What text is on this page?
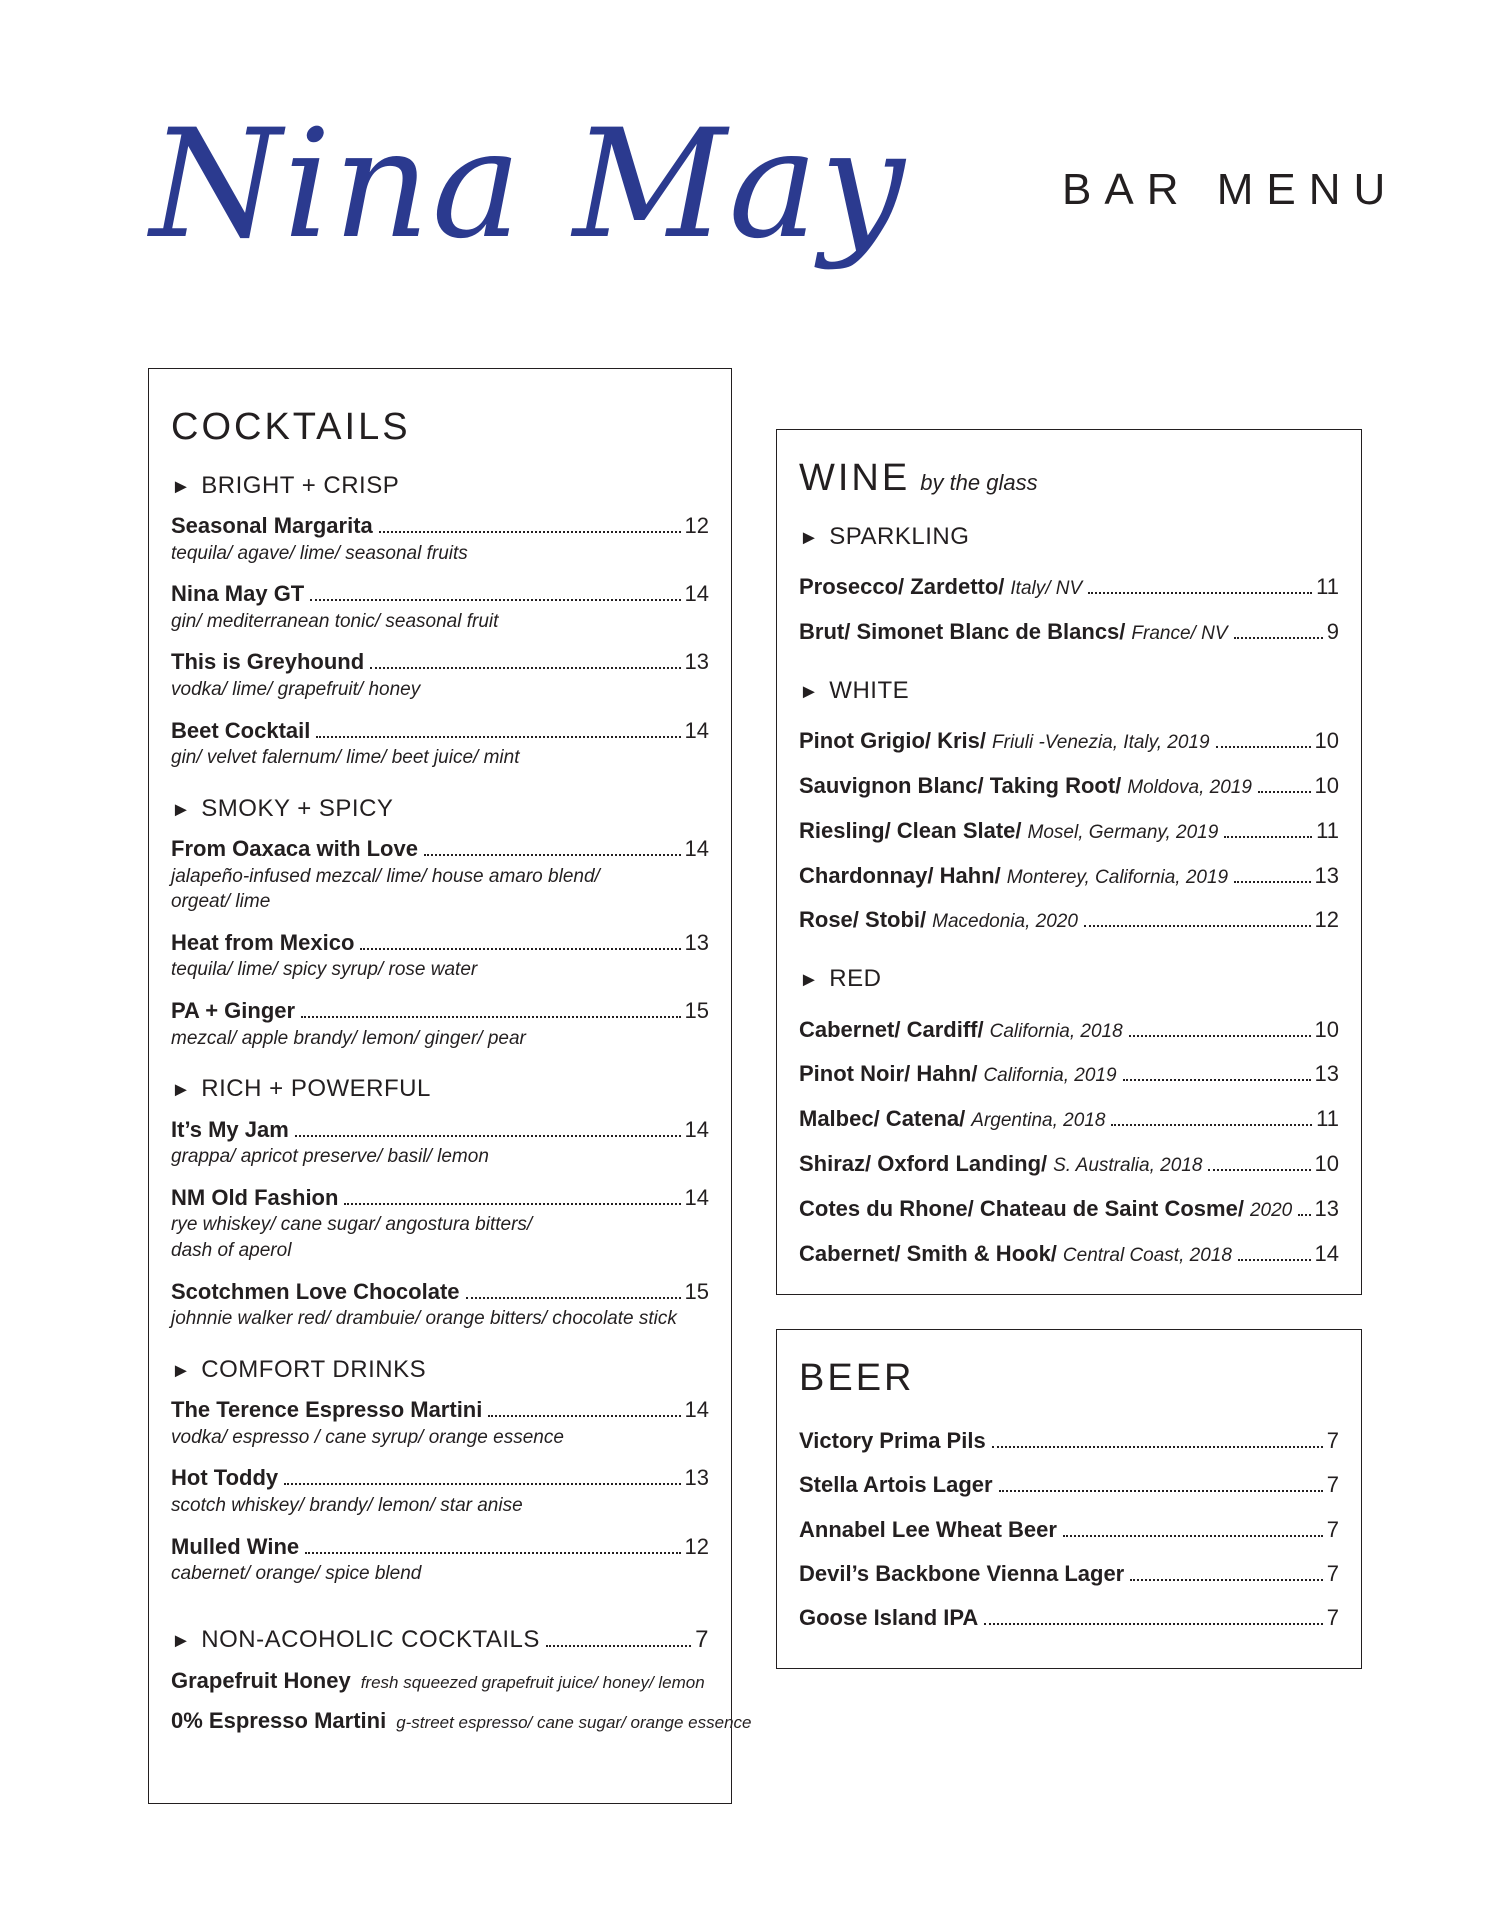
Nina May	BAR MENU
COCKTAILS
► BRIGHT + CRISP
Seasonal Margarita	12
tequila/ agave/ lime/ seasonal fruits
Nina May GT	14
gin/ mediterranean tonic/ seasonal fruit
This is Greyhound	13
vodka/ lime/ grapefruit/ honey
Beet Cocktail	14
gin/ velvet falernum/ lime/ beet juice/ mint
► SMOKY + SPICY
From Oaxaca with Love	14
jalapeño-infused mezcal/ lime/ house amaro blend/
orgeat/ lime
Heat from Mexico	13
tequila/ lime/ spicy syrup/ rose water
PA + Ginger	15
mezcal/ apple brandy/ lemon/ ginger/ pear
► RICH + POWERFUL
It’s My Jam	14
grappa/ apricot preserve/ basil/ lemon
NM Old Fashion	14
rye whiskey/ cane sugar/ angostura bitters/
dash of aperol
Scotchmen Love Chocolate	15
johnnie walker red/ drambuie/ orange bitters/ chocolate stick
► COMFORT DRINKS
The Terence Espresso Martini	14
vodka/ espresso / cane syrup/ orange essence
Hot Toddy	13
scotch whiskey/ brandy/ lemon/ star anise
Mulled Wine	12
cabernet/ orange/ spice blend
► NON-ACOHOLIC COCKTAILS	7
Grapefruit Honey fresh squeezed grapefruit juice/ honey/ lemon
0% Espresso Martini g-street espresso/ cane sugar/ orange essence
WINE by the glass
► SPARKLING
Prosecco/ Zardetto/ Italy/ NV	11
Brut/ Simonet Blanc de Blancs/ France/ NV	9
► WHITE
Pinot Grigio/ Kris/ Friuli -Venezia, Italy, 2019	10
Sauvignon Blanc/ Taking Root/ Moldova, 2019	10
Riesling/ Clean Slate/ Mosel, Germany, 2019	11
Chardonnay/ Hahn/ Monterey, California, 2019	13
Rose/ Stobi/ Macedonia, 2020	12
► RED
Cabernet/ Cardiff/ California, 2018	10
Pinot Noir/ Hahn/ California, 2019	13
Malbec/ Catena/ Argentina, 2018	11
Shiraz/ Oxford Landing/ S. Australia, 2018	10
Cotes du Rhone/ Chateau de Saint Cosme/ 2020 13
Cabernet/ Smith & Hook/ Central Coast, 2018	14
BEER
Victory Prima Pils	7
Stella Artois Lager	7
Annabel Lee Wheat Beer	7
Devil’s Backbone Vienna Lager	7
Goose Island IPA	7
